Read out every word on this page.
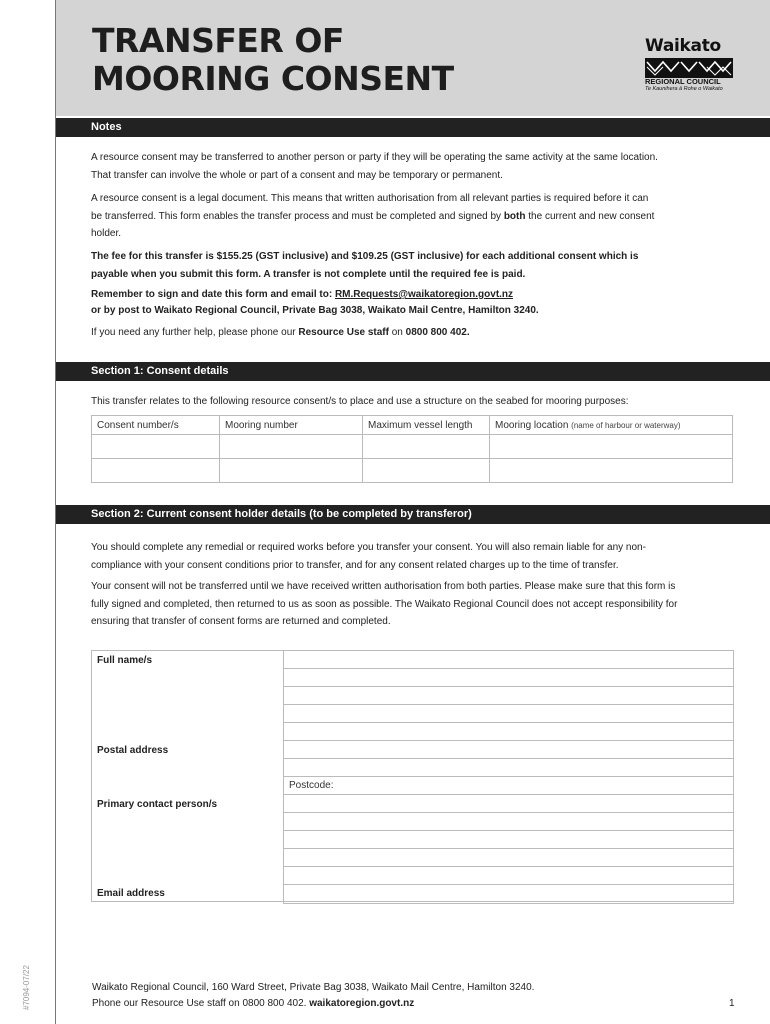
#7094-07/22
TRANSFER OF
MOORING CONSENT
Waikato
REGIONAL COUNCIL
Te Kaunihera ā Rohe o Waikato
Notes
A resource consent may be transferred to another person or party if they will be operating the same activity at the same location.
That transfer can involve the whole or part of a consent and may be temporary or permanent.
A resource consent is a legal document. This means that written authorisation from all relevant parties is required before it can
be transferred. This form enables the transfer process and must be completed and signed by both the current and new consent
holder.
The fee for this transfer is $155.25 (GST inclusive) and $109.25 (GST inclusive) for each additional consent which is
payable when you submit this form. A transfer is not complete until the required fee is paid.
Remember to sign and date this form and email to: RM.Requests@waikatoregion.govt.nz
or by post to Waikato Regional Council, Private Bag 3038, Waikato Mail Centre, Hamilton 3240.
If you need any further help, please phone our Resource Use staff on 0800 800 402.
Section 1: Consent details
This transfer relates to the following resource consent/s to place and use a structure on the seabed for mooring purposes:
Consent number/s	Mooring number	Maximum vessel length	Mooring location (name of harbour or waterway)

Section 2: Current consent holder details (to be completed by transferor)
You should complete any remedial or required works before you transfer your consent. You will also remain liable for any non-
compliance with your consent conditions prior to transfer, and for any consent related charges up to the time of transfer.
Your consent will not be transferred until we have received written authorisation from both parties. Please make sure that this form is
fully signed and completed, then returned to us as soon as possible. The Waikato Regional Council does not accept responsibility for
ensuring that transfer of consent forms are returned and completed.
Full name/s
Postal address
Postcode:
Primary contact person/s
Email address
Waikato Regional Council, 160 Ward Street, Private Bag 3038, Waikato Mail Centre, Hamilton 3240.
Phone our Resource Use staff on 0800 800 402. waikatoregion.govt.nz	1
